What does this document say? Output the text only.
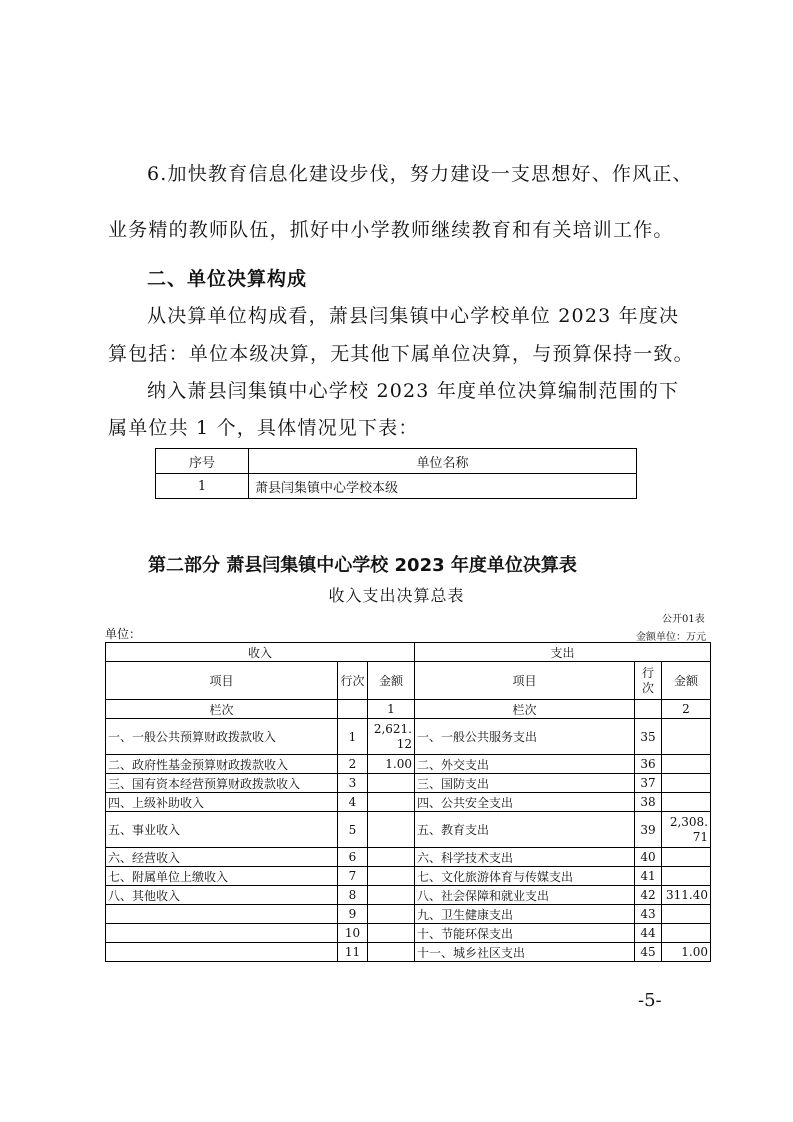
6.加快教育信息化建设步伐，努力建设一支思想好、作风正、
业务精的教师队伍，抓好中小学教师继续教育和有关培训工作。
二、单位决算构成
从决算单位构成看，萧县闫集镇中心学校单位 2023 年度决
算包括：单位本级决算，无其他下属单位决算，与预算保持一致。
纳入萧县闫集镇中心学校 2023 年度单位决算编制范围的下
属单位共 1 个，具体情况见下表：
序号	单位名称
1	萧县闫集镇中心学校本级
第二部分 萧县闫集镇中心学校 2023 年度单位决算表
收入支出决算总表
公开01表
单位：	金额单位：万元
收入			支出		
项目	行次	金额	项目	行次	金额
栏次		1	栏次		2
一、一般公共预算财政拨款收入	1	2,621.12	一、一般公共服务支出	35	
二、政府性基金预算财政拨款收入	2	1.00	二、外交支出	36	
三、国有资本经营预算财政拨款收入	3		三、国防支出	37	
四、上级补助收入	4		四、公共安全支出	38	
五、事业收入	5		五、教育支出	39	2,308.71
六、经营收入	6		六、科学技术支出	40	
七、附属单位上缴收入	7		七、文化旅游体育与传媒支出	41	
八、其他收入	8		八、社会保障和就业支出	42	311.40
	9		九、卫生健康支出	43	
	10		十、节能环保支出	44	
	11		十一、城乡社区支出	45	1.00
-5-
